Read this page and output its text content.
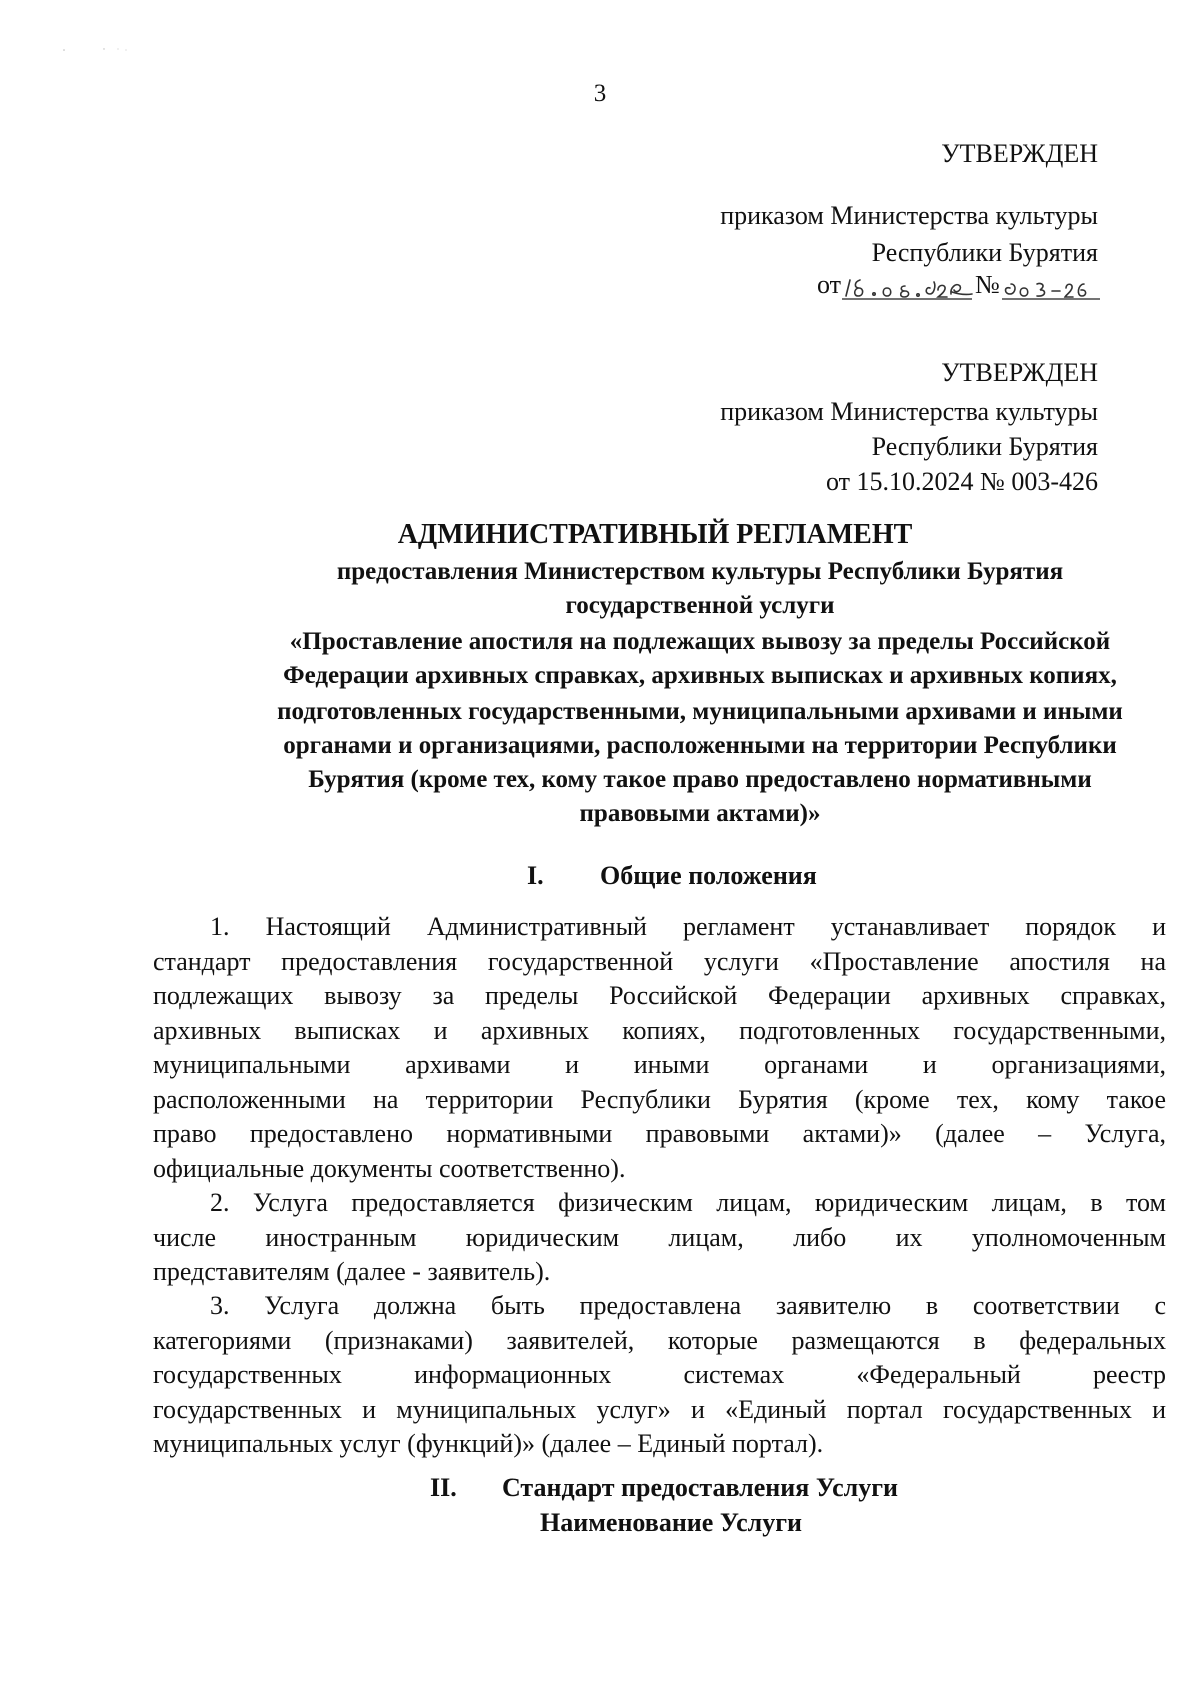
3
УТВЕРЖДЕН
приказом Министерства культуры
Республики Бурятия
от	№
УТВЕРЖДЕН
приказом Министерства культуры
Республики Бурятия
от 15.10.2024 № 003-426
АДМИНИСТРАТИВНЫЙ РЕГЛАМЕНТ
предоставления Министерством культуры Республики Бурятия
государственной услуги
«Проставление апостиля на подлежащих вывозу за пределы Российской
Федерации архивных справках, архивных выписках и архивных копиях,
подготовленных государственными, муниципальными архивами и иными
органами и организациями, расположенными на территории Республики
Бурятия (кроме тех, кому такое право предоставлено нормативными
правовыми актами)»
I. Общие положения
1. Настоящий Административный регламент устанавливает порядок и
стандарт предоставления государственной услуги «Проставление апостиля на
подлежащих вывозу за пределы Российской Федерации архивных справках,
архивных выписках и архивных копиях, подготовленных государственными,
муниципальными архивами и иными органами и организациями,
расположенными на территории Республики Бурятия (кроме тех, кому такое
право предоставлено нормативными правовыми актами)» (далее – Услуга,
официальные документы соответственно).
2. Услуга предоставляется физическим лицам, юридическим лицам, в том
числе иностранным юридическим лицам, либо их уполномоченным
представителям (далее - заявитель).
3. Услуга должна быть предоставлена заявителю в соответствии с
категориями (признаками) заявителей, которые размещаются в федеральных
государственных информационных системах «Федеральный реестр
государственных и муниципальных услуг» и «Единый портал государственных и
муниципальных услуг (функций)» (далее – Единый портал).
II. Стандарт предоставления Услуги
Наименование Услуги
